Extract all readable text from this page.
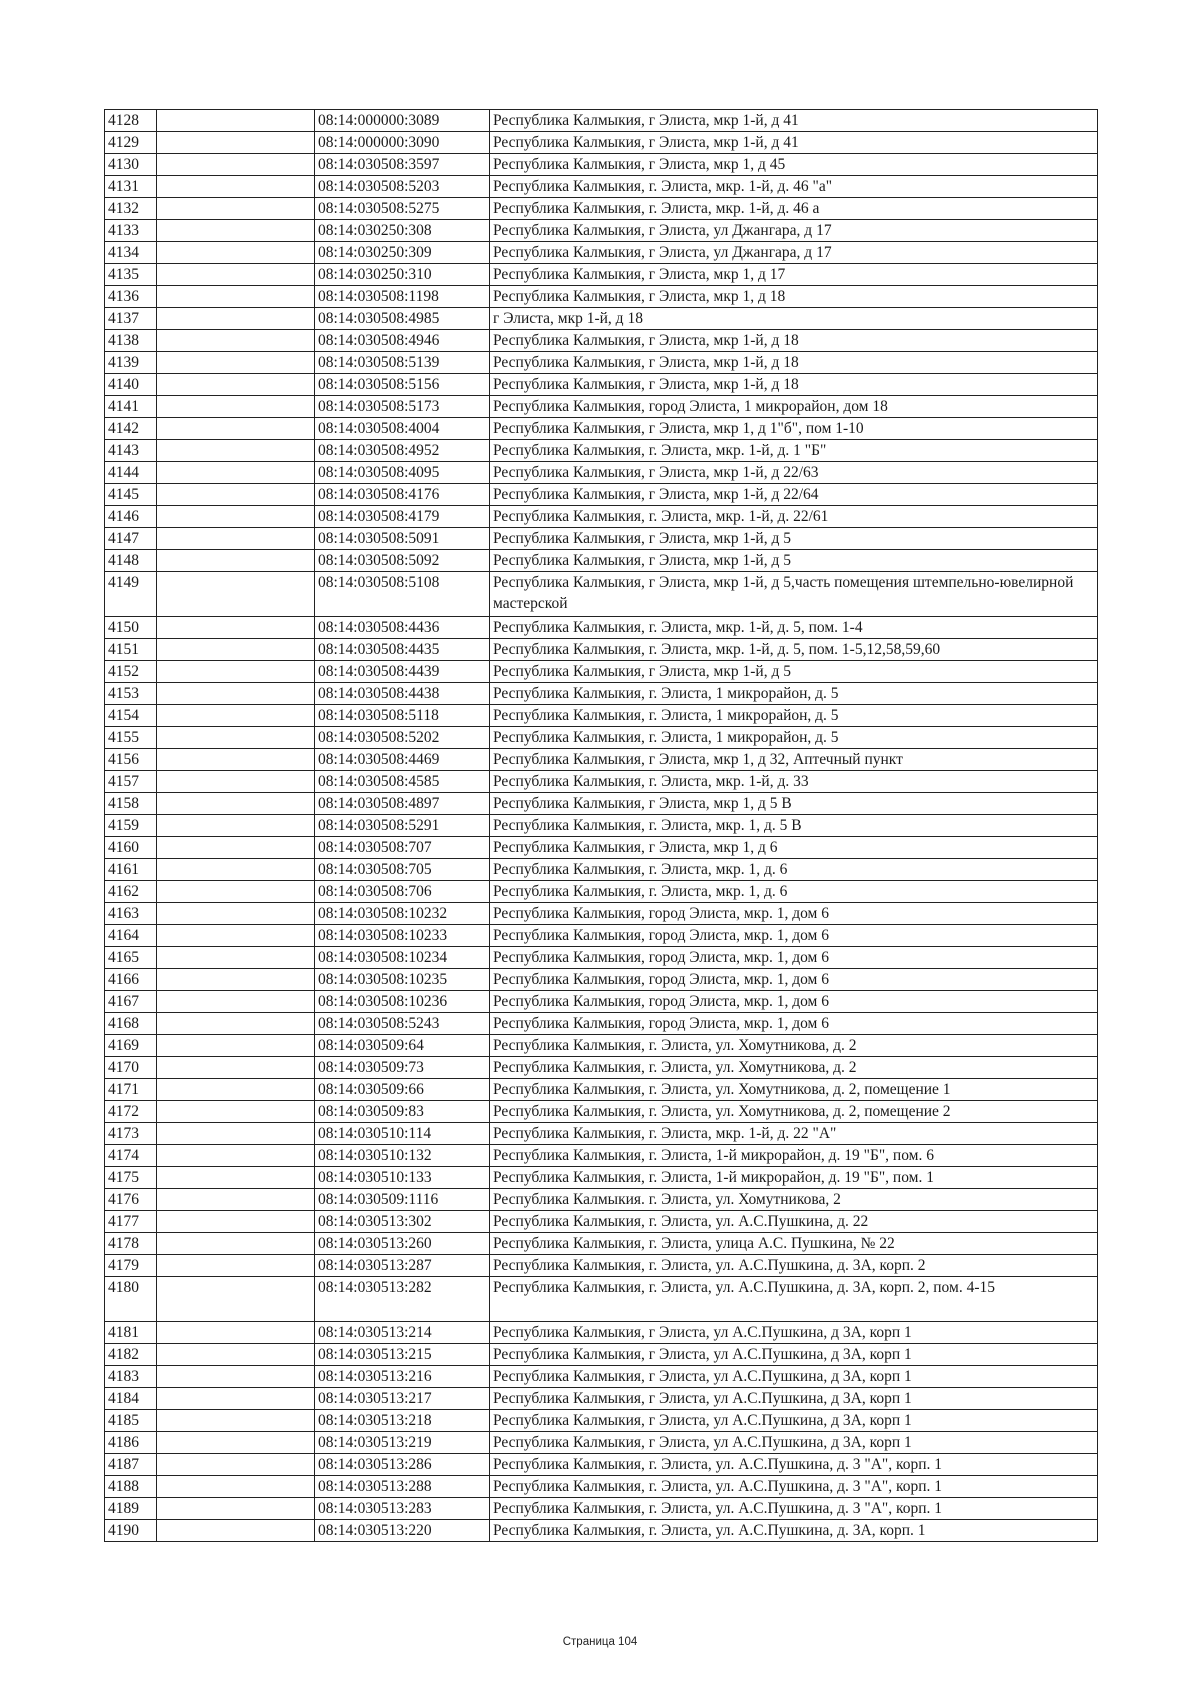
4128		08:14:000000:3089	Республика Калмыкия, г Элиста, мкр 1-й, д 41
4129		08:14:000000:3090	Республика Калмыкия, г Элиста, мкр 1-й, д 41
4130		08:14:030508:3597	Республика Калмыкия, г Элиста, мкр 1, д 45
4131		08:14:030508:5203	Республика Калмыкия, г. Элиста, мкр. 1-й, д. 46 "а"
4132		08:14:030508:5275	Республика Калмыкия, г. Элиста, мкр. 1-й, д. 46 а
4133		08:14:030250:308	Республика Калмыкия, г Элиста, ул Джангара, д 17
4134		08:14:030250:309	Республика Калмыкия, г Элиста, ул Джангара, д 17
4135		08:14:030250:310	Республика Калмыкия, г Элиста, мкр 1, д 17
4136		08:14:030508:1198	Республика Калмыкия, г Элиста, мкр 1, д 18
4137		08:14:030508:4985	г Элиста, мкр 1-й, д 18
4138		08:14:030508:4946	Республика Калмыкия, г Элиста, мкр 1-й, д 18
4139		08:14:030508:5139	Республика Калмыкия, г Элиста, мкр 1-й, д 18
4140		08:14:030508:5156	Республика Калмыкия, г Элиста, мкр 1-й, д 18
4141		08:14:030508:5173	Республика Калмыкия, город Элиста, 1 микрорайон, дом 18
4142		08:14:030508:4004	Республика Калмыкия, г Элиста, мкр 1, д 1"б", пом 1-10
4143		08:14:030508:4952	Республика Калмыкия, г. Элиста, мкр. 1-й, д. 1 "Б"
4144		08:14:030508:4095	Республика Калмыкия, г Элиста, мкр 1-й, д 22/63
4145		08:14:030508:4176	Республика Калмыкия, г Элиста, мкр 1-й, д 22/64
4146		08:14:030508:4179	Республика Калмыкия, г. Элиста, мкр. 1-й, д. 22/61
4147		08:14:030508:5091	Республика Калмыкия, г Элиста, мкр 1-й, д 5
4148		08:14:030508:5092	Республика Калмыкия, г Элиста, мкр 1-й, д 5
4149		08:14:030508:5108	Республика Калмыкия, г Элиста, мкр 1-й, д 5,часть помещения штемпельно-ювелирной мастерской
4150		08:14:030508:4436	Республика Калмыкия, г. Элиста, мкр. 1-й, д. 5, пом. 1-4
4151		08:14:030508:4435	Республика Калмыкия, г. Элиста, мкр. 1-й, д. 5, пом. 1-5,12,58,59,60
4152		08:14:030508:4439	Республика Калмыкия, г Элиста, мкр 1-й, д 5
4153		08:14:030508:4438	Республика Калмыкия, г. Элиста, 1 микрорайон, д. 5
4154		08:14:030508:5118	Республика Калмыкия, г. Элиста, 1 микрорайон, д. 5
4155		08:14:030508:5202	Республика Калмыкия, г. Элиста, 1 микрорайон, д. 5
4156		08:14:030508:4469	Республика Калмыкия, г Элиста, мкр 1, д 32, Аптечный пункт
4157		08:14:030508:4585	Республика Калмыкия, г. Элиста, мкр. 1-й, д. 33
4158		08:14:030508:4897	Республика Калмыкия, г Элиста, мкр 1, д 5 В
4159		08:14:030508:5291	Республика Калмыкия, г. Элиста, мкр. 1, д. 5 В
4160		08:14:030508:707	Республика Калмыкия, г Элиста, мкр 1, д 6
4161		08:14:030508:705	Республика Калмыкия, г. Элиста, мкр. 1, д. 6
4162		08:14:030508:706	Республика Калмыкия, г. Элиста, мкр. 1, д. 6
4163		08:14:030508:10232	Республика Калмыкия, город Элиста, мкр. 1, дом 6
4164		08:14:030508:10233	Республика Калмыкия, город Элиста, мкр. 1, дом 6
4165		08:14:030508:10234	Республика Калмыкия, город Элиста, мкр. 1, дом 6
4166		08:14:030508:10235	Республика Калмыкия, город Элиста, мкр. 1, дом 6
4167		08:14:030508:10236	Республика Калмыкия, город Элиста, мкр. 1, дом 6
4168		08:14:030508:5243	Республика Калмыкия, город Элиста, мкр. 1, дом 6
4169		08:14:030509:64	Республика Калмыкия, г. Элиста, ул. Хомутникова, д. 2
4170		08:14:030509:73	Республика Калмыкия, г. Элиста, ул. Хомутникова, д. 2
4171		08:14:030509:66	Республика Калмыкия, г. Элиста, ул. Хомутникова, д. 2, помещение 1
4172		08:14:030509:83	Республика Калмыкия, г. Элиста, ул. Хомутникова, д. 2, помещение 2
4173		08:14:030510:114	Республика Калмыкия, г. Элиста, мкр. 1-й, д. 22 "А"
4174		08:14:030510:132	Республика Калмыкия, г. Элиста, 1-й микрорайон, д. 19 "Б", пом. 6
4175		08:14:030510:133	Республика Калмыкия, г. Элиста, 1-й микрорайон, д. 19 "Б", пом. 1
4176		08:14:030509:1116	Республика Калмыкия. г. Элиста, ул. Хомутникова, 2
4177		08:14:030513:302	Республика Калмыкия, г. Элиста, ул. А.С.Пушкина, д. 22
4178		08:14:030513:260	Республика Калмыкия, г. Элиста, улица А.С. Пушкина, № 22
4179		08:14:030513:287	Республика Калмыкия, г. Элиста, ул. А.С.Пушкина, д. 3А, корп. 2
4180		08:14:030513:282	Республика Калмыкия, г. Элиста, ул. А.С.Пушкина, д. 3А, корп. 2, пом. 4-15
4181		08:14:030513:214	Республика Калмыкия, г Элиста, ул А.С.Пушкина, д 3А, корп 1
4182		08:14:030513:215	Республика Калмыкия, г Элиста, ул А.С.Пушкина, д 3А, корп 1
4183		08:14:030513:216	Республика Калмыкия, г Элиста, ул А.С.Пушкина, д 3А, корп 1
4184		08:14:030513:217	Республика Калмыкия, г Элиста, ул А.С.Пушкина, д 3А, корп 1
4185		08:14:030513:218	Республика Калмыкия, г Элиста, ул А.С.Пушкина, д 3А, корп 1
4186		08:14:030513:219	Республика Калмыкия, г Элиста, ул А.С.Пушкина, д 3А, корп 1
4187		08:14:030513:286	Республика Калмыкия, г. Элиста, ул. А.С.Пушкина, д. 3 "А", корп. 1
4188		08:14:030513:288	Республика Калмыкия, г. Элиста, ул. А.С.Пушкина, д. 3 "А", корп. 1
4189		08:14:030513:283	Республика Калмыкия, г. Элиста, ул. А.С.Пушкина, д. 3 "А", корп. 1
4190		08:14:030513:220	Республика Калмыкия, г. Элиста, ул. А.С.Пушкина, д. 3А, корп. 1
Страница 104
